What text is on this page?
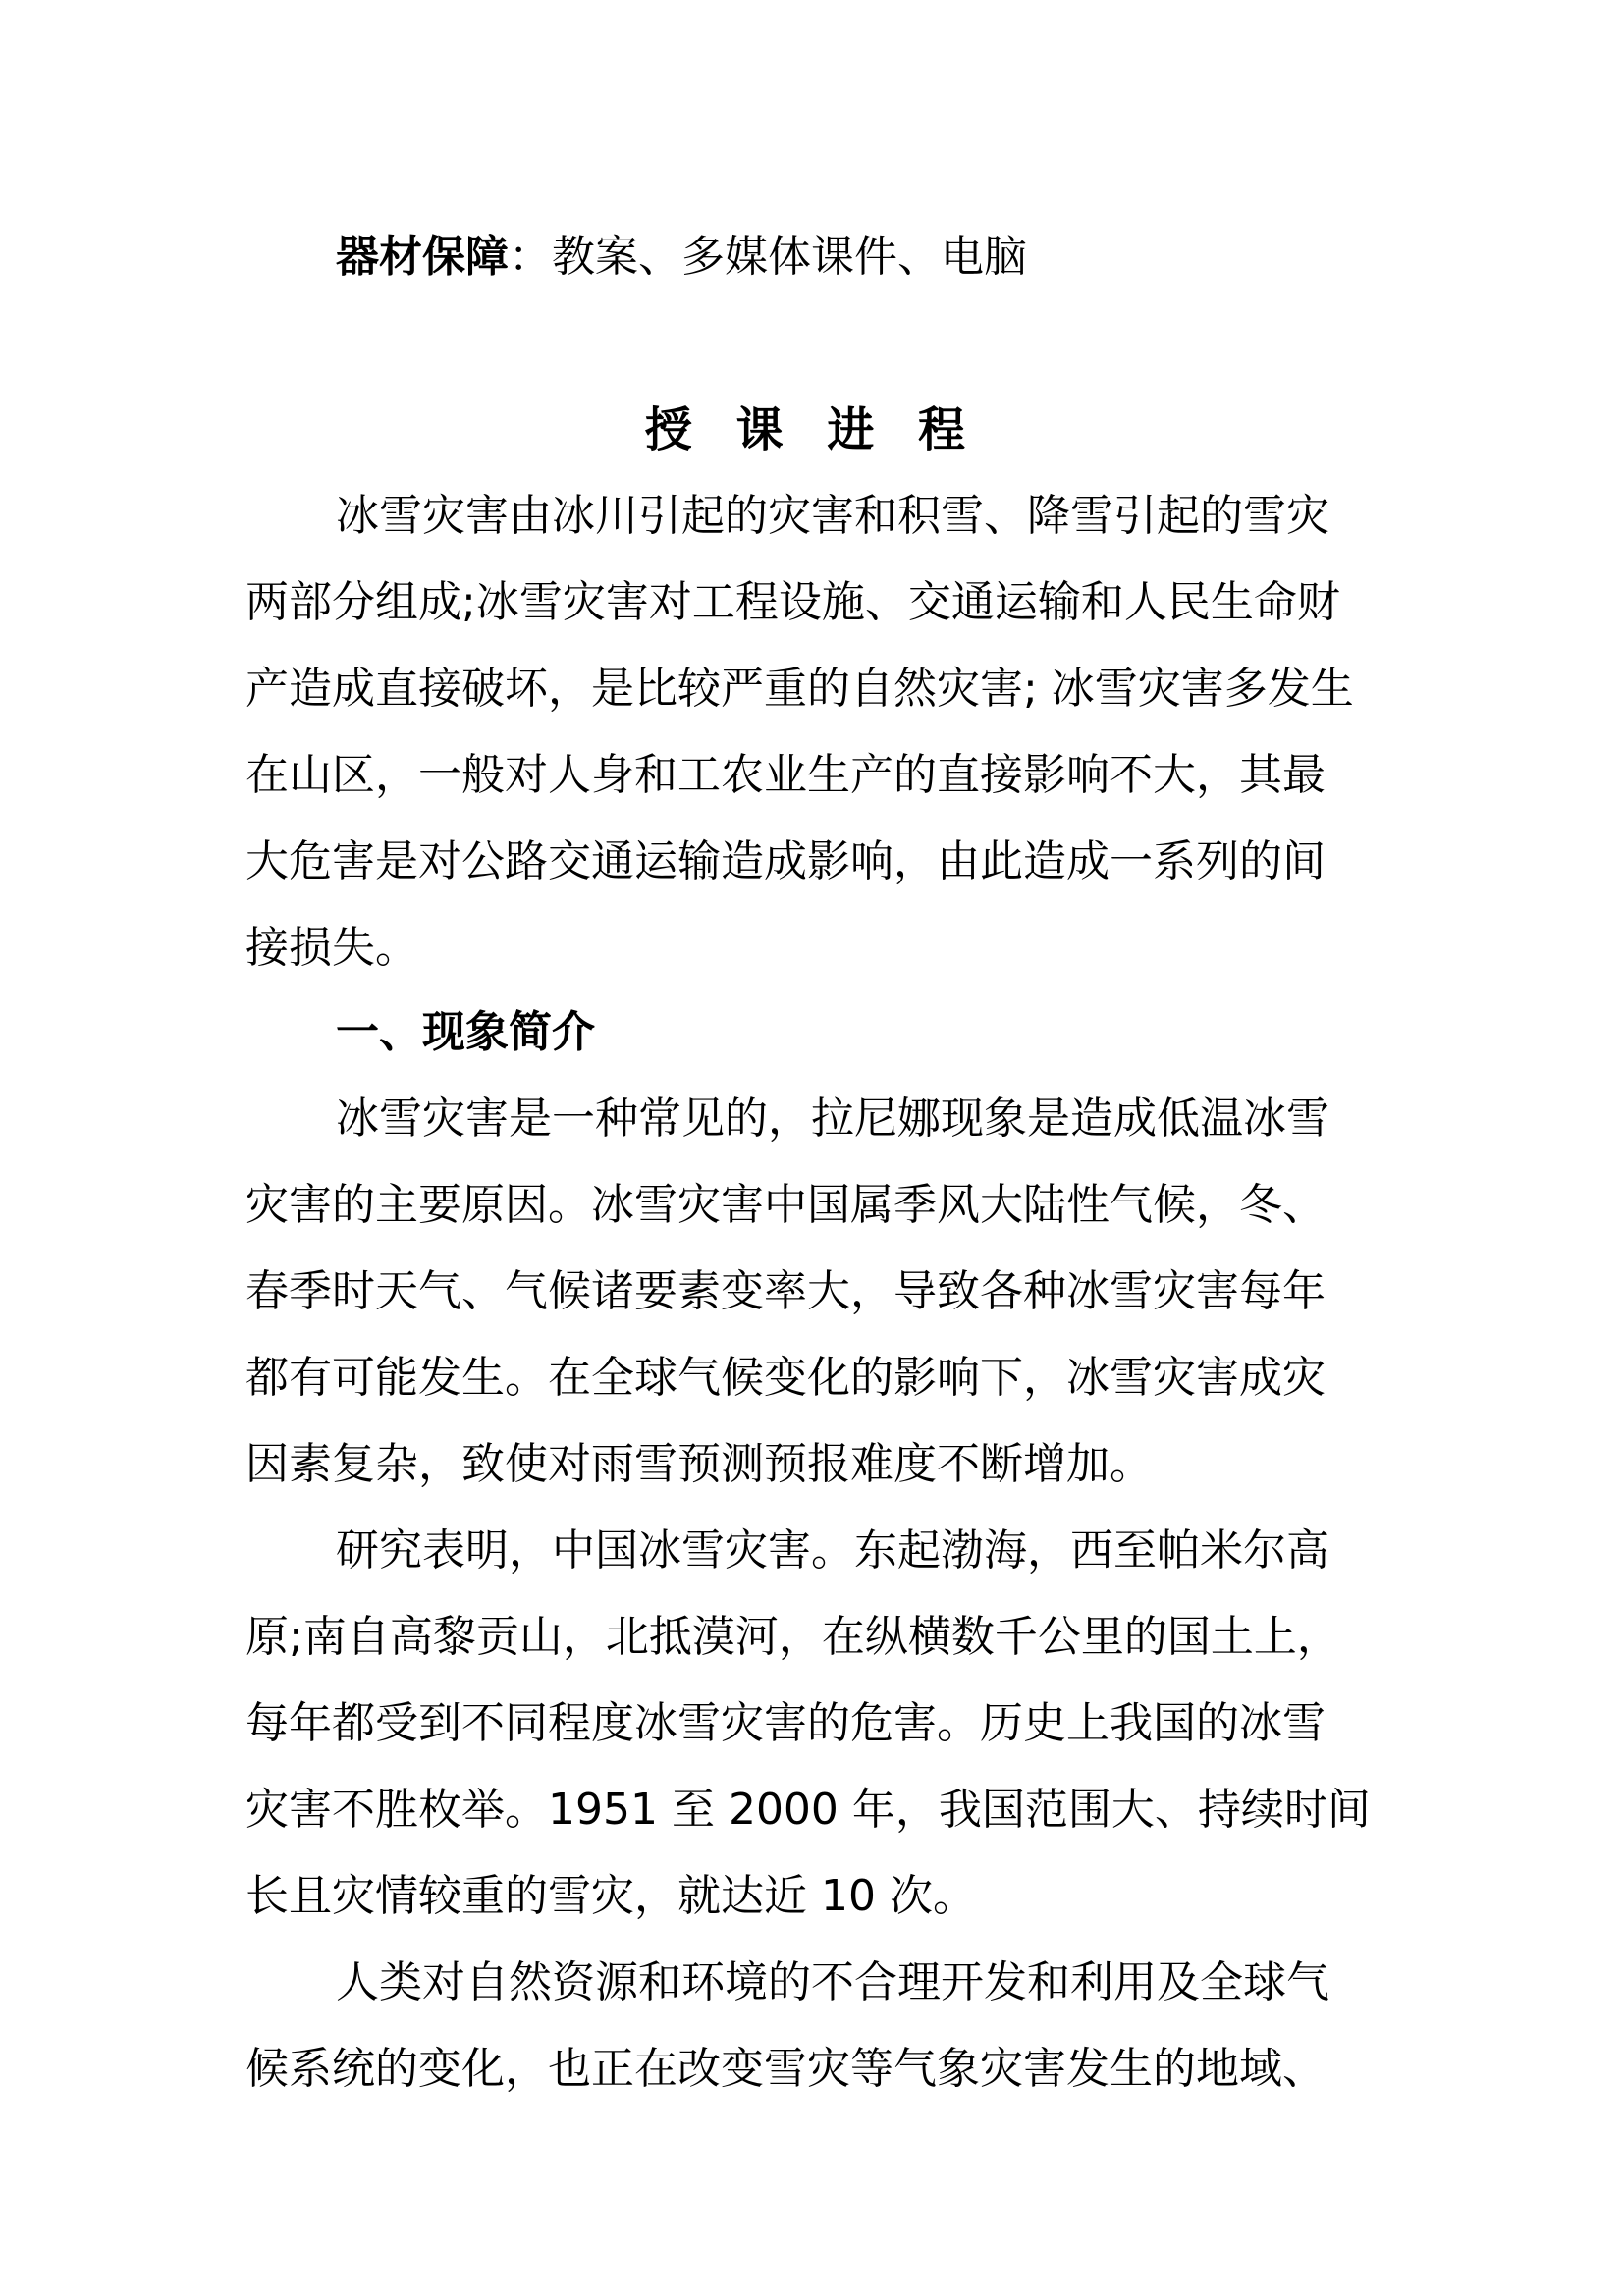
器材保障：教案、多媒体课件、电脑
授 课 进 程
冰雪灾害由冰川引起的灾害和积雪、降雪引起的雪灾
两部分组成;冰雪灾害对工程设施、交通运输和人民生命财
产造成直接破坏，是比较严重的自然灾害; 冰雪灾害多发生
在山区，一般对人身和工农业生产的直接影响不大，其最
大危害是对公路交通运输造成影响，由此造成一系列的间
接损失。
一、现象简介
冰雪灾害是一种常见的，拉尼娜现象是造成低温冰雪
灾害的主要原因。冰雪灾害中国属季风大陆性气候，冬、
春季时天气、气候诸要素变率大，导致各种冰雪灾害每年
都有可能发生。在全球气候变化的影响下，冰雪灾害成灾
因素复杂，致使对雨雪预测预报难度不断增加。
研究表明，中国冰雪灾害。东起渤海，西至帕米尔高
原;南自高黎贡山，北抵漠河，在纵横数千公里的国土上，
每年都受到不同程度冰雪灾害的危害。历史上我国的冰雪
灾害不胜枚举。1951 至 2000 年，我国范围大、持续时间
长且灾情较重的雪灾，就达近 10 次。
人类对自然资源和环境的不合理开发和利用及全球气
候系统的变化，也正在改变雪灾等气象灾害发生的地域、
